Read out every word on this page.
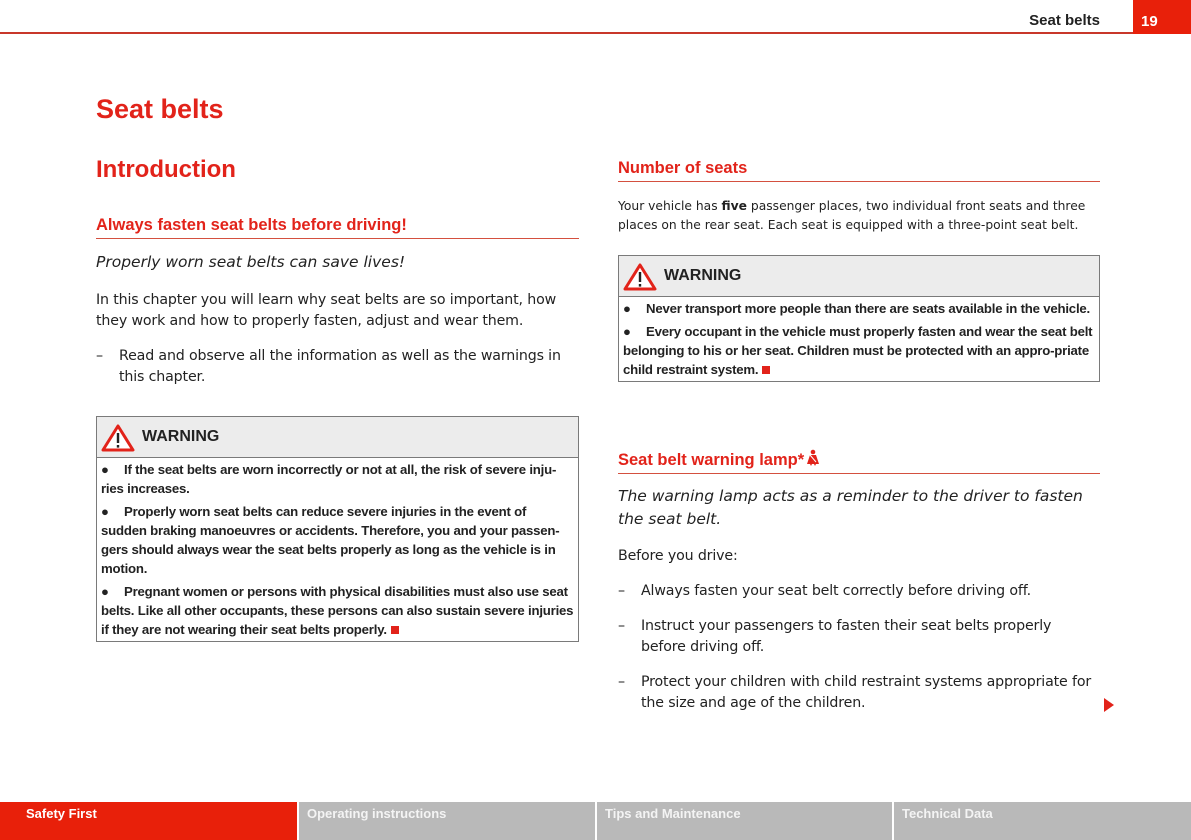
Seat belts	19
Seat belts
Introduction
Always fasten seat belts before driving!

Properly worn seat belts can save lives!

In this chapter you will learn why seat belts are so important, how they work and how to properly fasten, adjust and wear them.

– Read and observe all the information as well as the warnings in this chapter.

WARNING

● If the seat belts are worn incorrectly or not at all, the risk of severe inju-ries increases.

● Properly worn seat belts can reduce severe injuries in the event of sudden braking manoeuvres or accidents. Therefore, you and your passen-gers should always wear the seat belts properly as long as the vehicle is in motion.

● Pregnant women or persons with physical disabilities must also use seat belts. Like all other occupants, these persons can also sustain severe injuries if they are not wearing their seat belts properly.

Number of seats

Your vehicle has five passenger places, two individual front seats and three places on the rear seat. Each seat is equipped with a three-point seat belt.

WARNING

● Never transport more people than there are seats available in the vehicle.

● Every occupant in the vehicle must properly fasten and wear the seat belt belonging to his or her seat. Children must be protected with an appro-priate child restraint system.

Seat belt warning lamp*

The warning lamp acts as a reminder to the driver to fasten the seat belt.

Before you drive:

– Always fasten your seat belt correctly before driving off.

– Instruct your passengers to fasten their seat belts properly before driving off.

– Protect your children with child restraint systems appropriate for the size and age of the children.

Safety First	Operating instructions	Tips and Maintenance	Technical Data
